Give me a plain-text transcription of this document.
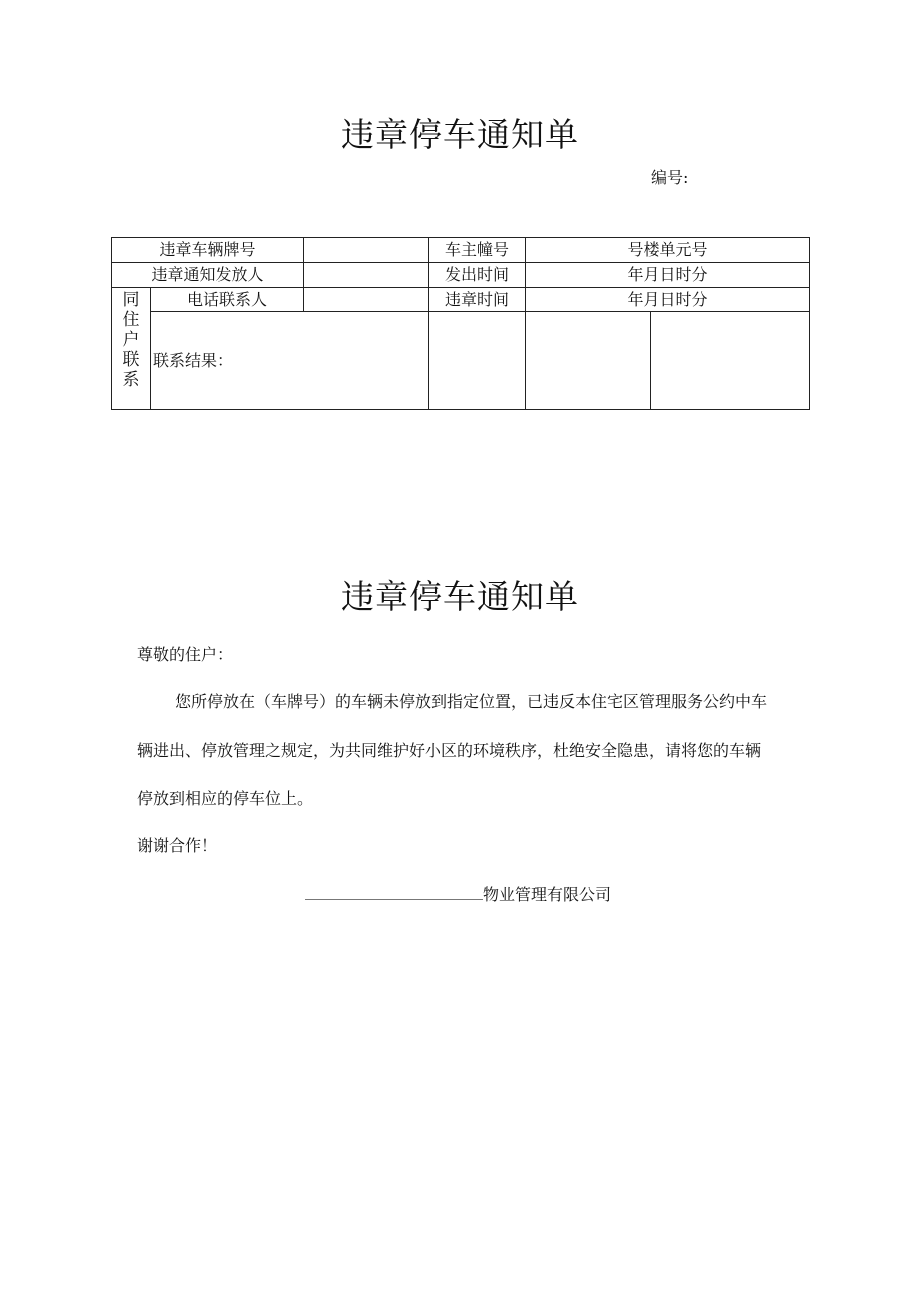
违章停车通知单
编号:
违章车辆牌号			车主幢号	号楼单元号	
违章通知发放人			发出时间	年月日时分	

同
住
户
联
系	电话联系人		违章时间	年月日时分	
	联系结果：				
违章停车通知单

尊敬的住户：

您所停放在（车牌号）的车辆未停放到指定位置，已违反本住宅区管理服务公约中车

辆进出、停放管理之规定，为共同维护好小区的环境秩序，杜绝安全隐患，请将您的车辆

停放到相应的停车位上。

谢谢合作！

物业管理有限公司
